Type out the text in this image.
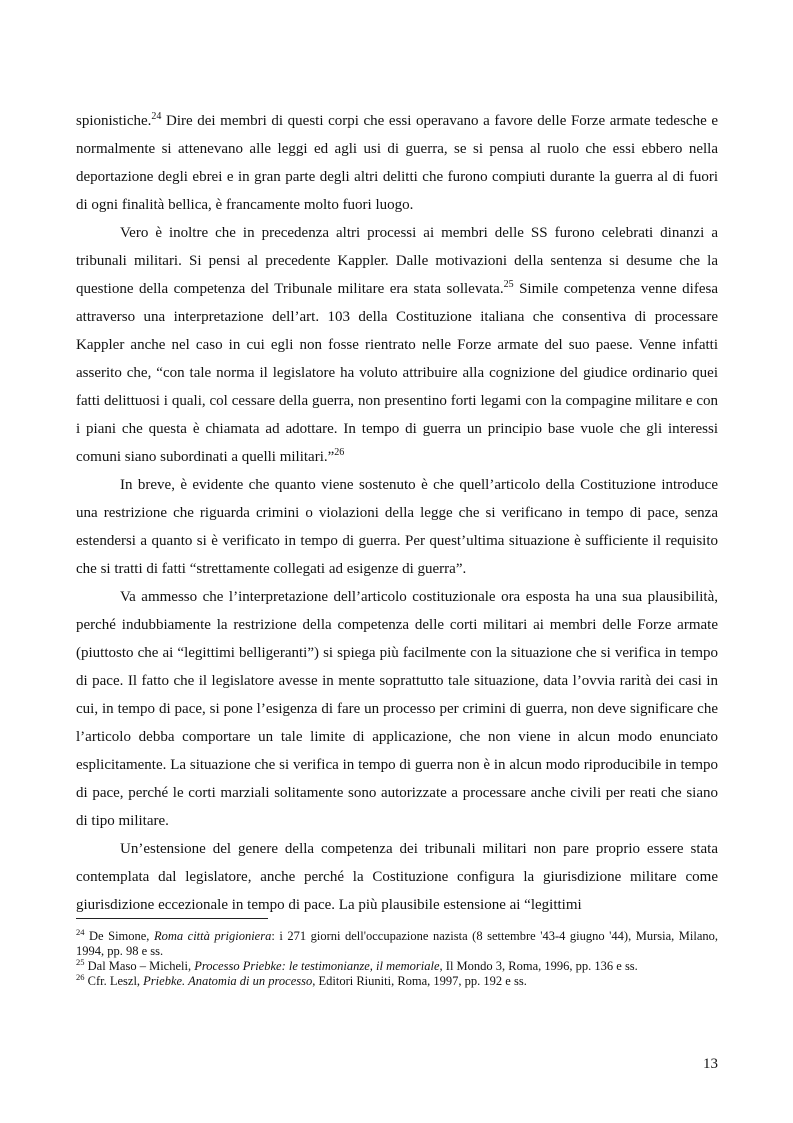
spionistiche.$^{24}$ Dire dei membri di questi corpi che essi operavano a favore delle Forze armate tedesche e normalmente si attenevano alle leggi ed agli usi di guerra, se si pensa al ruolo che essi ebbero nella deportazione degli ebrei e in gran parte degli altri delitti che furono compiuti durante la guerra al di fuori di ogni finalità bellica, è francamente molto fuori luogo.

Vero è inoltre che in precedenza altri processi ai membri delle SS furono celebrati dinanzi a tribunali militari. Si pensi al precedente Kappler. Dalle motivazioni della sentenza si desume che la questione della competenza del Tribunale militare era stata sollevata.$^{25}$ Simile competenza venne difesa attraverso una interpretazione dell’art. 103 della Costituzione italiana che consentiva di processare Kappler anche nel caso in cui egli non fosse rientrato nelle Forze armate del suo paese. Venne infatti asserito che, “con tale norma il legislatore ha voluto attribuire alla cognizione del giudice ordinario quei fatti delittuosi i quali, col cessare della guerra, non presentino forti legami con la compagine militare e con i piani che questa è chiamata ad adottare. In tempo di guerra un principio base vuole che gli interessi comuni siano subordinati a quelli militari.”$^{26}$

In breve, è evidente che quanto viene sostenuto è che quell’articolo della Costituzione introduce una restrizione che riguarda crimini o violazioni della legge che si verificano in tempo di pace, senza estendersi a quanto si è verificato in tempo di guerra. Per quest’ultima situazione è sufficiente il requisito che si tratti di fatti “strettamente collegati ad esigenze di guerra”.

Va ammesso che l’interpretazione dell’articolo costituzionale ora esposta ha una sua plausibilità, perché indubbiamente la restrizione della competenza delle corti militari ai membri delle Forze armate (piuttosto che ai “legittimi belligeranti”) si spiega più facilmente con la situazione che si verifica in tempo di pace. Il fatto che il legislatore avesse in mente soprattutto tale situazione, data l’ovvia rarità dei casi in cui, in tempo di pace, si pone l’esigenza di fare un processo per crimini di guerra, non deve significare che l’articolo debba comportare un tale limite di applicazione, che non viene in alcun modo enunciato esplicitamente. La situazione che si verifica in tempo di guerra non è in alcun modo riproducibile in tempo di pace, perché le corti marziali solitamente sono autorizzate a processare anche civili per reati che siano di tipo militare.

Un’estensione del genere della competenza dei tribunali militari non pare proprio essere stata contemplata dal legislatore, anche perché la Costituzione configura la giurisdizione militare come giurisdizione eccezionale in tempo di pace. La più plausibile estensione ai “legittimi

$^{24}$ De Simone, Roma città prigioniera: i 271 giorni dell'occupazione nazista (8 settembre '43-4 giugno '44), Mursia, Milano, 1994, pp. 98 e ss.

$^{25}$ Dal Maso – Micheli, Processo Priebke: le testimonianze, il memoriale, Il Mondo 3, Roma, 1996, pp. 136 e ss.

$^{26}$ Cfr. Leszl, Priebke. Anatomia di un processo, Editori Riuniti, Roma, 1997, pp. 192 e ss.

13
